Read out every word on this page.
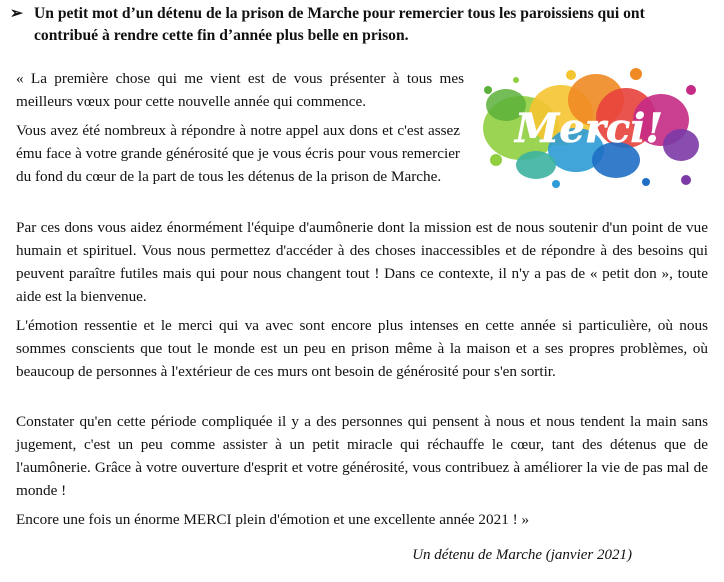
➢ Un petit mot d’un détenu de la prison de Marche pour remercier tous les paroissiens qui ont contribué à rendre cette fin d’année plus belle en prison.
Merci!

« La première chose qui me vient est de vous présenter à tous mes meilleurs vœux pour cette nouvelle année qui commence.

Vous avez été nombreux à répondre à notre appel aux dons et c'est assez ému face à votre grande générosité que je vous écris pour vous remercier du fond du cœur de la part de tous les détenus de la prison de Marche.

Par ces dons vous aidez énormément l'équipe d'aumônerie dont la mission est de nous soutenir d'un point de vue humain et spirituel. Vous nous permettez d'accéder à des choses inaccessibles et de répondre à des besoins qui peuvent paraître futiles mais qui pour nous changent tout ! Dans ce contexte, il n'y a pas de « petit don », toute aide est la bienvenue.

L'émotion ressentie et le merci qui va avec sont encore plus intenses en cette année si particulière, où nous sommes conscients que tout le monde est un peu en prison même à la maison et a ses propres problèmes, où beaucoup de personnes à l'extérieur de ces murs ont besoin de générosité pour s'en sortir.

Constater qu'en cette période compliquée il y a des personnes qui pensent à nous et nous tendent la main sans jugement, c'est un peu comme assister à un petit miracle qui réchauffe le cœur, tant des détenus que de l'aumônerie. Grâce à votre ouverture d'esprit et votre générosité, vous contribuez à améliorer la vie de pas mal de monde !

Encore une fois un énorme MERCI plein d'émotion et une excellente année 2021 ! »

Un détenu de Marche (janvier 2021)
